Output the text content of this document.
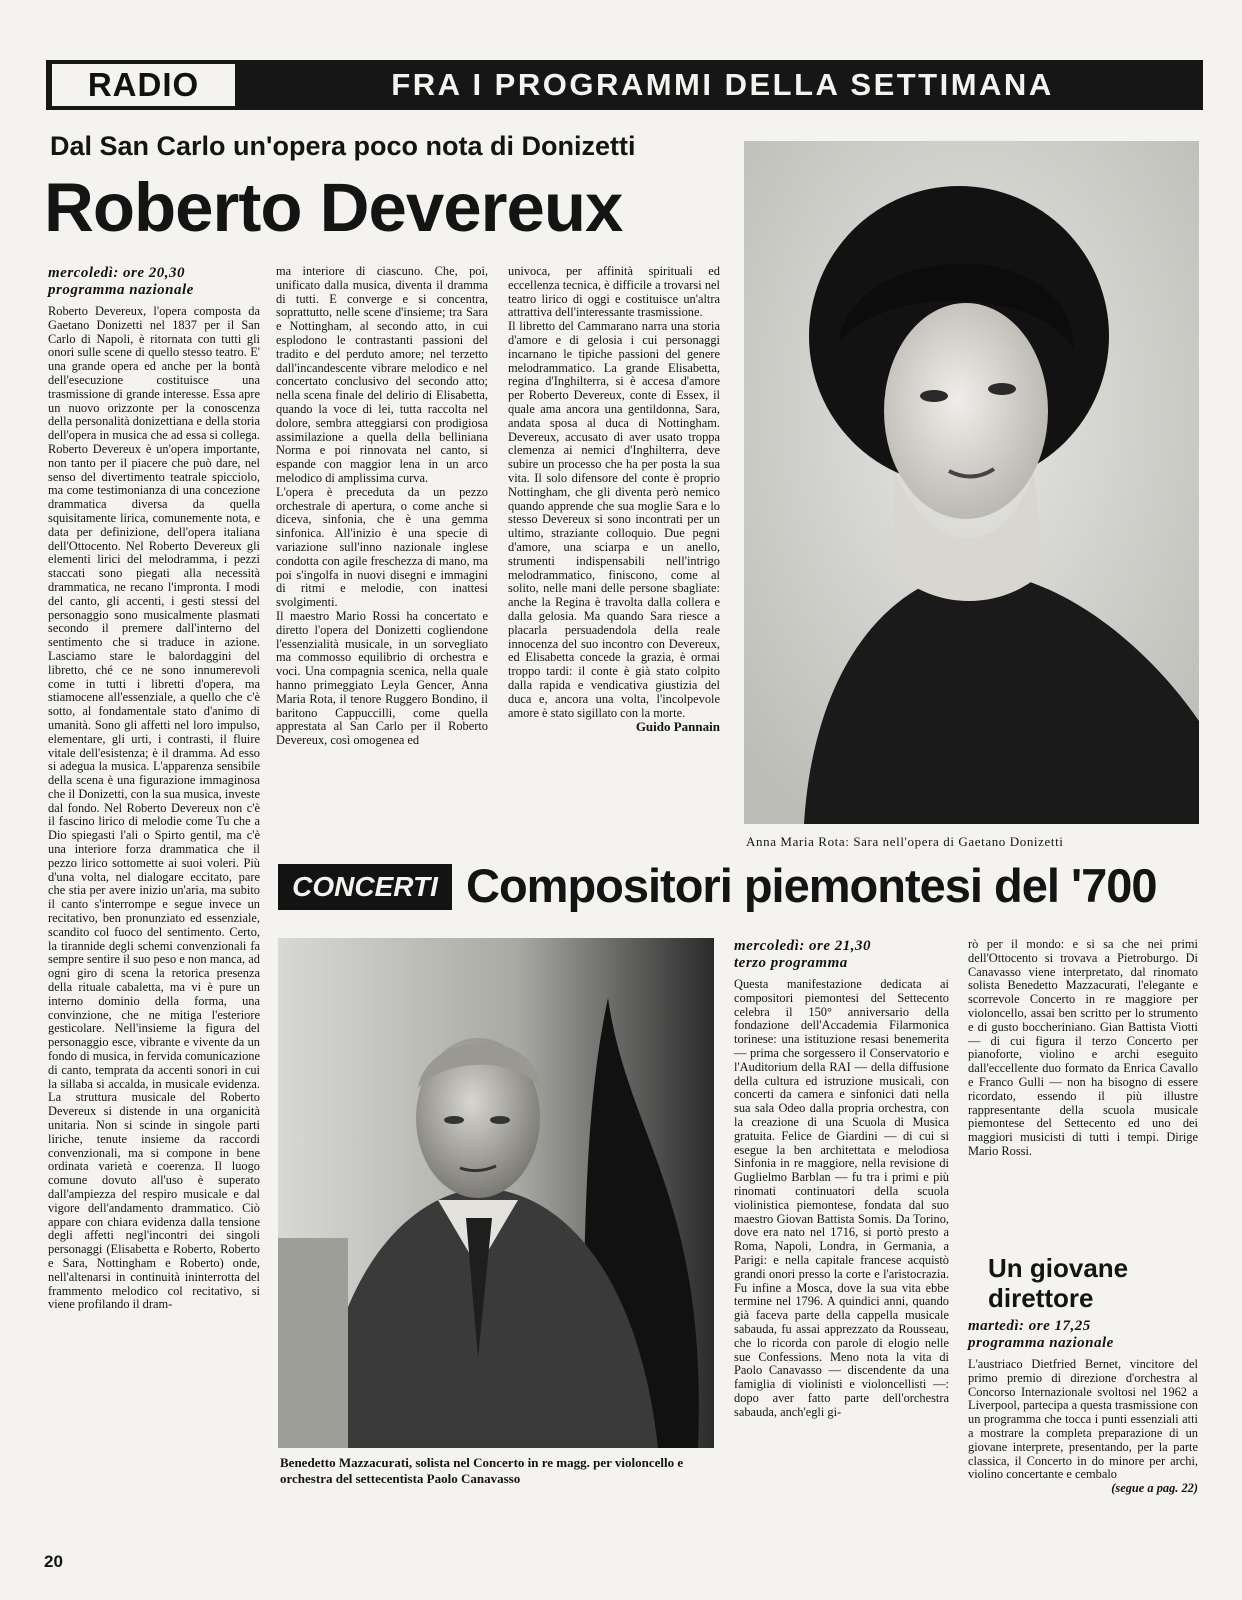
RADIO	FRA I PROGRAMMI DELLA SETTIMANA
Dal San Carlo un'opera poco nota di Donizetti
Roberto Devereux
mercoledì: ore 20,30
programma nazionale

Roberto Devereux, l'opera composta da Gaetano Donizetti nel 1837 per il San Carlo di Napoli, è ritornata con tutti gli onori sulle scene di quello stesso teatro. E' una grande opera ed anche per la bontà dell'esecuzione costituisce una trasmissione di grande interesse. Essa apre un nuovo orizzonte per la conoscenza della personalità donizettiana e della storia dell'opera in musica che ad essa si collega. Roberto Devereux è un'opera importante, non tanto per il piacere che può dare, nel senso del divertimento teatrale spicciolo, ma come testimonianza di una concezione drammatica diversa da quella squisitamente lirica, comunemente nota, e data per definizione, dell'opera italiana dell'Ottocento. Nel Roberto Devereux gli elementi lirici del melodramma, i pezzi staccati sono piegati alla necessità drammatica, ne recano l'impronta. I modi del canto, gli accenti, i gesti stessi del personaggio sono musicalmente plasmati secondo il premere dall'interno del sentimento che si traduce in azione. Lasciamo stare le balordaggini del libretto, ché ce ne sono innumerevoli come in tutti i libretti d'opera, ma stiamocene all'essenziale, a quello che c'è sotto, al fondamentale stato d'animo di umanità. Sono gli affetti nel loro impulso, elementare, gli urti, i contrasti, il fluire vitale dell'esistenza; è il dramma. Ad esso si adegua la musica. L'apparenza sensibile della scena è una figurazione immaginosa che il Donizetti, con la sua musica, investe dal fondo. Nel Roberto Devereux non c'è il fascino lirico di melodie come Tu che a Dio spiegasti l'ali o Spirto gentil, ma c'è una interiore forza drammatica che il pezzo lirico sottomette ai suoi voleri. Più d'una volta, nel dialogare eccitato, pare che stia per avere inizio un'aria, ma subito il canto s'interrompe e segue invece un recitativo, ben pronunziato ed essenziale, scandito col fuoco del sentimento. Certo, la tirannide degli schemi convenzionali fa sempre sentire il suo peso e non manca, ad ogni giro di scena la retorica presenza della rituale cabaletta, ma vi è pure un interno dominio della forma, una convinzione, che ne mitiga l'esteriore gesticolare. Nell'insieme la figura del personaggio esce, vibrante e vivente da un fondo di musica, in fervida comunicazione di canto, temprata da accenti sonori in cui la sillaba si accalda, in musicale evidenza. La struttura musicale del Roberto Devereux si distende in una organicità unitaria. Non si scinde in singole parti liriche, tenute insieme da raccordi convenzionali, ma si compone in bene ordinata varietà e coerenza. Il luogo comune dovuto all'uso è superato dall'ampiezza del respiro musicale e dal vigore dell'andamento drammatico. Ciò appare con chiara evidenza dalla tensione degli affetti negl'incontri dei singoli personaggi (Elisabetta e Roberto, Roberto e Sara, Nottingham e Roberto) onde, nell'altenarsi in continuità ininterrotta del frammento melodico col recitativo, si viene profilando il dram-

ma interiore di ciascuno. Che, poi, unificato dalla musica, diventa il dramma di tutti. E converge e si concentra, soprattutto, nelle scene d'insieme; tra Sara e Nottingham, al secondo atto, in cui esplodono le contrastanti passioni del tradito e del perduto amore; nel terzetto dall'incandescente vibrare melodico e nel concertato conclusivo del secondo atto; nella scena finale del delirio di Elisabetta, quando la voce di lei, tutta raccolta nel dolore, sembra atteggiarsi con prodigiosa assimilazione a quella della belliniana Norma e poi rinnovata nel canto, si espande con maggior lena in un arco melodico di amplissima curva.

L'opera è preceduta da un pezzo orchestrale di apertura, o come anche si diceva, sinfonia, che è una gemma sinfonica. All'inizio è una specie di variazione sull'inno nazionale inglese condotta con agile freschezza di mano, ma poi s'ingolfa in nuovi disegni e immagini di ritmi e melodie, con inattesi svolgimenti.

Il maestro Mario Rossi ha concertato e diretto l'opera del Donizetti cogliendone l'essenzialità musicale, in un sorvegliato ma commosso equilibrio di orchestra e voci. Una compagnia scenica, nella quale hanno primeggiato Leyla Gencer, Anna Maria Rota, il tenore Ruggero Bondino, il baritono Cappuccilli, come quella apprestata al San Carlo per il Roberto Devereux, così omogenea ed

univoca, per affinità spirituali ed eccellenza tecnica, è difficile a trovarsi nel teatro lirico di oggi e costituisce un'altra attrattiva dell'interessante trasmissione.

Il libretto del Cammarano narra una storia d'amore e di gelosia i cui personaggi incarnano le tipiche passioni del genere melodrammatico. La grande Elisabetta, regina d'Inghilterra, si è accesa d'amore per Roberto Devereux, conte di Essex, il quale ama ancora una gentildonna, Sara, andata sposa al duca di Nottingham. Devereux, accusato di aver usato troppa clemenza ai nemici d'Inghilterra, deve subire un processo che ha per posta la sua vita. Il solo difensore del conte è proprio Nottingham, che gli diventa però nemico quando apprende che sua moglie Sara e lo stesso Devereux si sono incontrati per un ultimo, straziante colloquio. Due pegni d'amore, una sciarpa e un anello, strumenti indispensabili nell'intrigo melodrammatico, finiscono, come al solito, nelle mani delle persone sbagliate: anche la Regina è travolta dalla collera e dalla gelosia. Ma quando Sara riesce a placarla persuadendola della reale innocenza del suo incontro con Devereux, ed Elisabetta concede la grazia, è ormai troppo tardi: il conte è già stato colpito dalla rapida e vendicativa giustizia del duca e, ancora una volta, l'incolpevole amore è stato sigillato con la morte.

Guido Pannain
Anna Maria Rota: Sara nell'opera di Gaetano Donizetti
CONCERTI Compositori piemontesi del '700
Benedetto Mazzacurati, solista nel Concerto in re magg. per violoncello e orchestra del settecentista Paolo Canavasso
mercoledì: ore 21,30
terzo programma

Questa manifestazione dedicata ai compositori piemontesi del Settecento celebra il 150° anniversario della fondazione dell'Accademia Filarmonica torinese: una istituzione resasi benemerita — prima che sorgessero il Conservatorio e l'Auditorium della RAI — della diffusione della cultura ed istruzione musicali, con concerti da camera e sinfonici dati nella sua sala Odeo dalla propria orchestra, con la creazione di una Scuola di Musica gratuita. Felice de Giardini — di cui si esegue la ben architettata e melodiosa Sinfonia in re maggiore, nella revisione di Guglielmo Barblan — fu tra i primi e più rinomati continuatori della scuola violinistica piemontese, fondata dal suo maestro Giovan Battista Somis. Da Torino, dove era nato nel 1716, si portò presto a Roma, Napoli, Londra, in Germania, a Parigi: e nella capitale francese acquistò grandi onori presso la corte e l'aristocrazia. Fu infine a Mosca, dove la sua vita ebbe termine nel 1796. A quindici anni, quando già faceva parte della cappella musicale sabauda, fu assai apprezzato da Rousseau, che lo ricorda con parole di elogio nelle sue Confessions. Meno nota la vita di Paolo Canavasso — discendente da una famiglia di violinisti e violoncellisti —: dopo aver fatto parte dell'orchestra sabauda, anch'egli gi-

rò per il mondo: e si sa che nei primi dell'Ottocento si trovava a Pietroburgo. Di Canavasso viene interpretato, dal rinomato solista Benedetto Mazzacurati, l'elegante e scorrevole Concerto in re maggiore per violoncello, assai ben scritto per lo strumento e di gusto boccheriniano. Gian Battista Viotti — di cui figura il terzo Concerto per pianoforte, violino e archi eseguito dall'eccellente duo formato da Enrica Cavallo e Franco Gulli — non ha bisogno di essere ricordato, essendo il più illustre rappresentante della scuola musicale piemontese del Settecento ed uno dei maggiori musicisti di tutti i tempi. Dirige Mario Rossi.

Un giovane
direttore
martedì: ore 17,25
programma nazionale

L'austriaco Dietfried Bernet, vincitore del primo premio di direzione d'orchestra al Concorso Internazionale svoltosi nel 1962 a Liverpool, partecipa a questa trasmissione con un programma che tocca i punti essenziali atti a mostrare la completa preparazione di un giovane interprete, presentando, per la parte classica, il Concerto in do minore per archi, violino concertante e cembalo

(segue a pag. 22)
20
